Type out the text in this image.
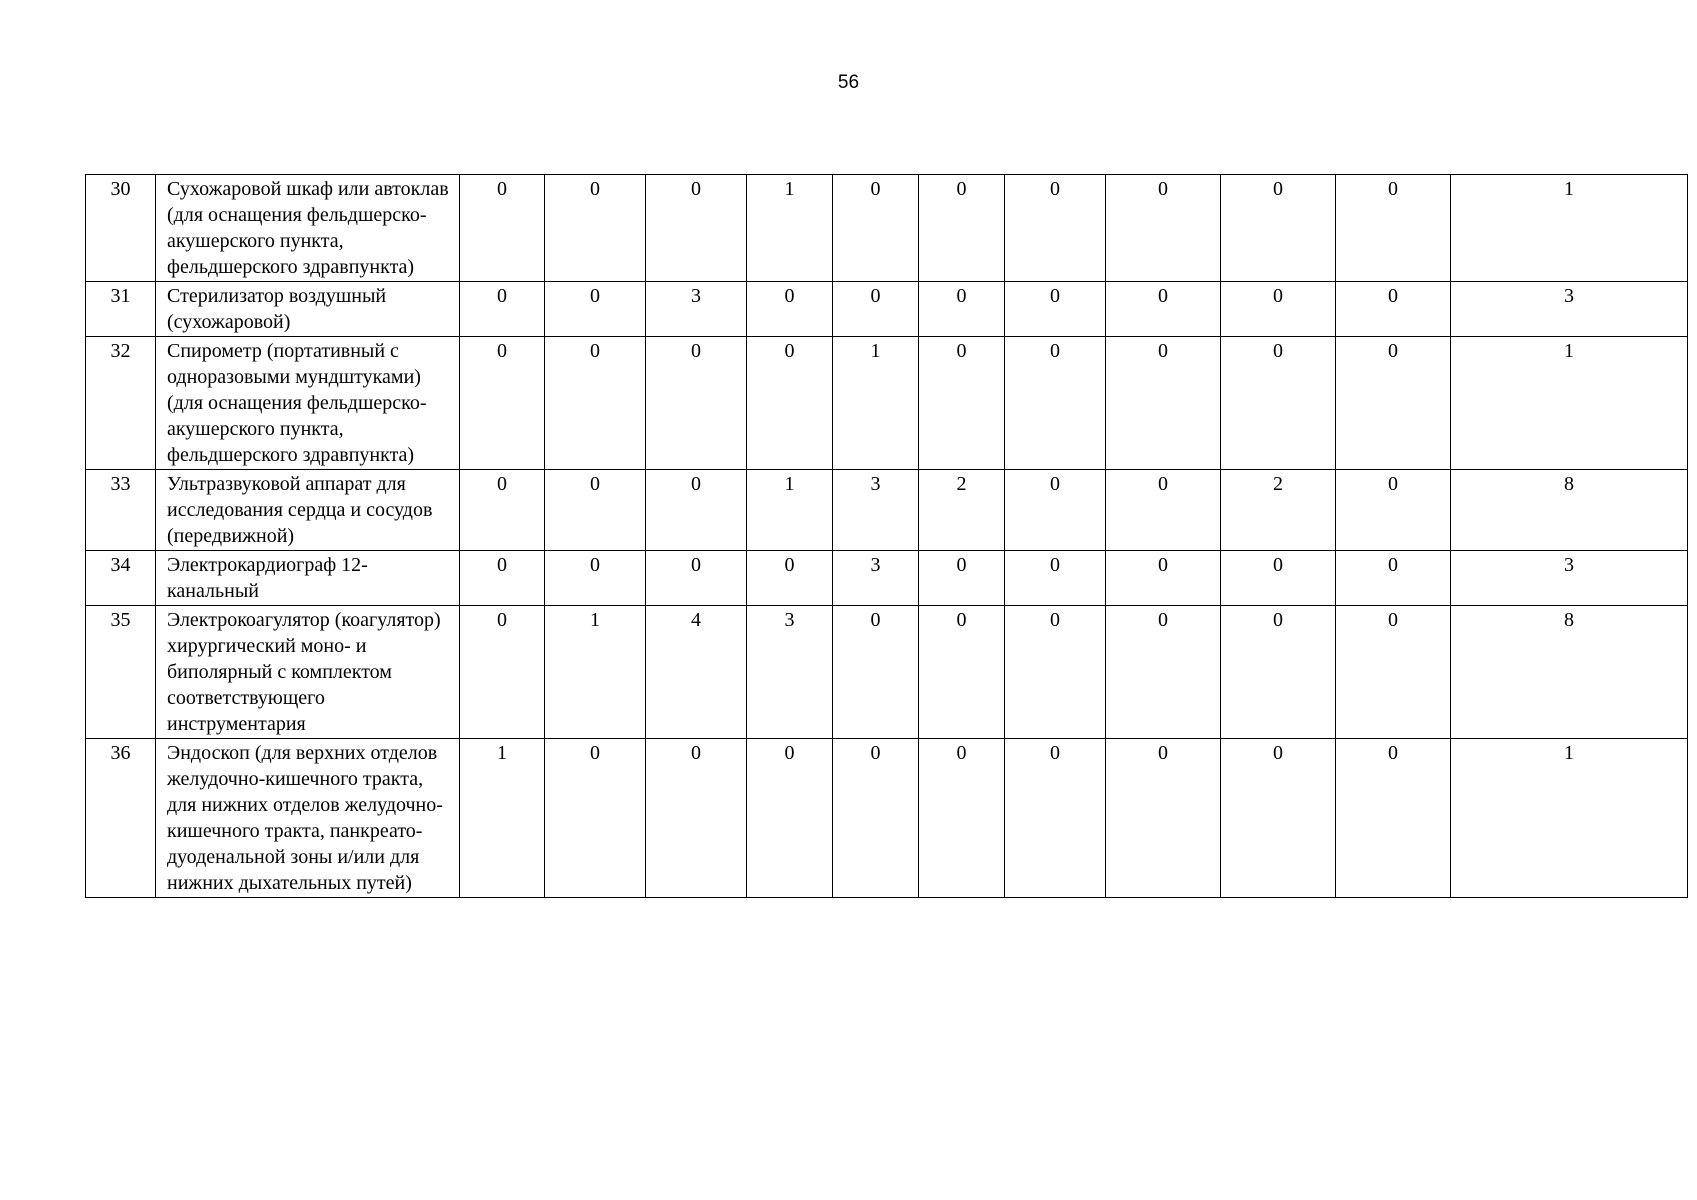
56
30	Сухожаровой шкаф или автоклав (для оснащения фельдшерско-акушерского пункта, фельдшерского здравпункта)	0	0	0	1	0	0	0	0	0	0	1
31	Стерилизатор воздушный (сухожаровой)	0	0	3	0	0	0	0	0	0	0	3
32	Спирометр (портативный с одноразовыми мундштуками) (для оснащения фельдшерско-акушерского пункта, фельдшерского здравпункта)	0	0	0	0	1	0	0	0	0	0	1
33	Ультразвуковой аппарат для исследования сердца и сосудов (передвижной)	0	0	0	1	3	2	0	0	2	0	8
34	Электрокардиограф 12-канальный	0	0	0	0	3	0	0	0	0	0	3
35	Электрокоагулятор (коагулятор) хирургический моно- и биполярный с комплектом соответствующего инструментария	0	1	4	3	0	0	0	0	0	0	8
36	Эндоскоп (для верхних отделов желудочно-кишечного тракта, для нижних отделов желудочно-кишечного тракта, панкреато-дуоденальной зоны и/или для нижних дыхательных путей)	1	0	0	0	0	0	0	0	0	0	1
